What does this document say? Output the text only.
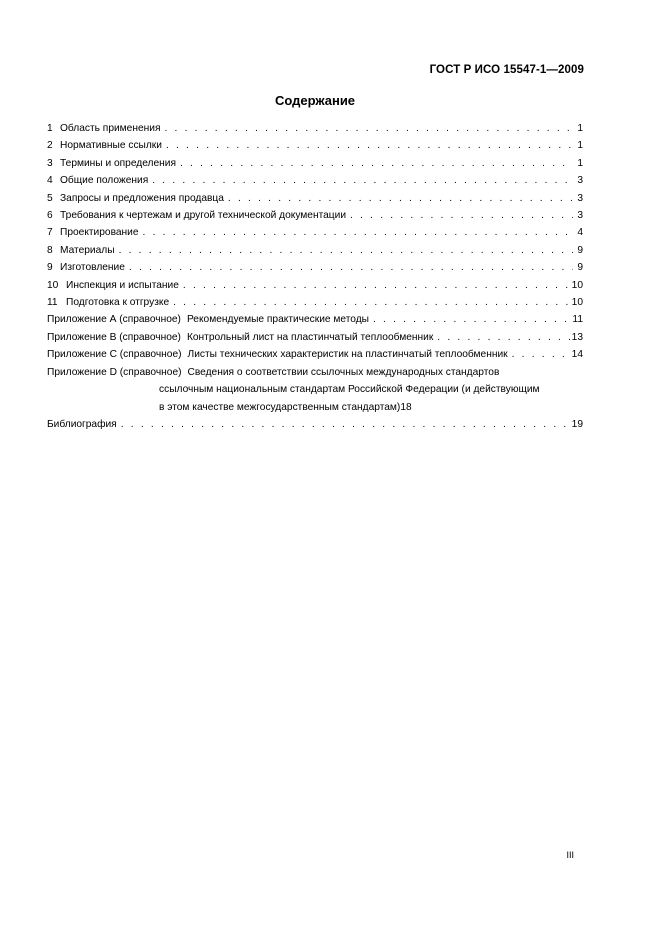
ГОСТ Р ИСО 15547-1—2009
Содержание
1 Область применения . . .	1
2 Нормативные ссылки . . .	1
3 Термины и определения . . .	1
4 Общие положения . . .	3
5 Запросы и предложения продавца . . .	3
6 Требования к чертежам и другой технической документации . . .	3
7 Проектирование . . .	4
8 Материалы . . .	9
9 Изготовление . . .	9
10 Инспекция и испытание . . .	10
11 Подготовка к отгрузке . . .	10
Приложение А (справочное) Рекомендуемые практические методы . . .	11
Приложение В (справочное) Контрольный лист на пластинчатый теплообменник . . .	13
Приложение С (справочное) Листы технических характеристик на пластинчатый теплообменник . . .	14
Приложение D (справочное) Сведения о соответствии ссылочных международных стандартов
ссылочным национальным стандартам Российской Федерации (и действующим
в этом качестве межгосударственным стандартам) 18
Библиография . . .	19
III
